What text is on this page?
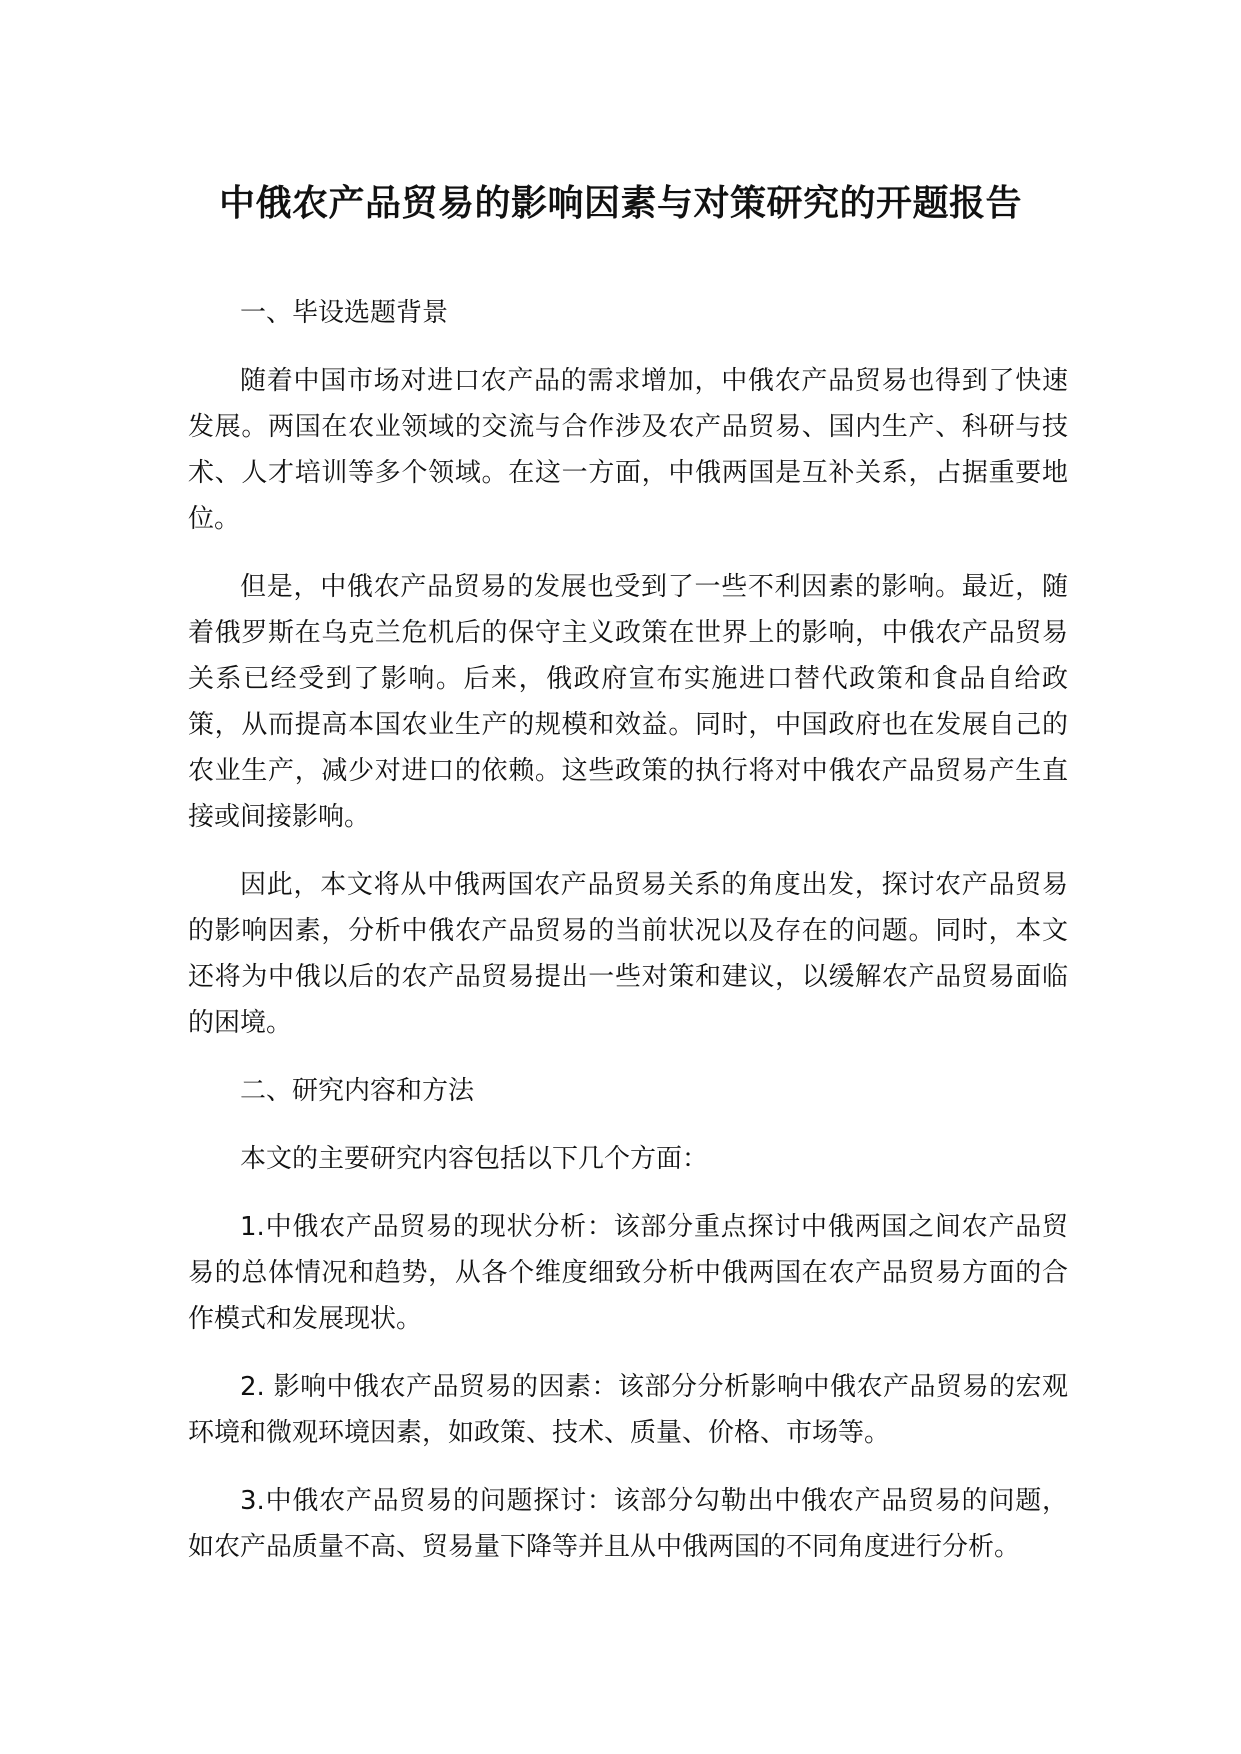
中俄农产品贸易的影响因素与对策研究的开题报告

一、毕设选题背景

随着中国市场对进口农产品的需求增加，中俄农产品贸易也得到了快速发展。两国在农业领域的交流与合作涉及农产品贸易、国内生产、科研与技术、人才培训等多个领域。在这一方面，中俄两国是互补关系，占据重要地位。

但是，中俄农产品贸易的发展也受到了一些不利因素的影响。最近，随着俄罗斯在乌克兰危机后的保守主义政策在世界上的影响，中俄农产品贸易关系已经受到了影响。后来，俄政府宣布实施进口替代政策和食品自给政策，从而提高本国农业生产的规模和效益。同时，中国政府也在发展自己的农业生产，减少对进口的依赖。这些政策的执行将对中俄农产品贸易产生直接或间接影响。

因此，本文将从中俄两国农产品贸易关系的角度出发，探讨农产品贸易的影响因素，分析中俄农产品贸易的当前状况以及存在的问题。同时，本文还将为中俄以后的农产品贸易提出一些对策和建议，以缓解农产品贸易面临的困境。

二、研究内容和方法

本文的主要研究内容包括以下几个方面：

1.中俄农产品贸易的现状分析：该部分重点探讨中俄两国之间农产品贸易的总体情况和趋势，从各个维度细致分析中俄两国在农产品贸易方面的合作模式和发展现状。

2. 影响中俄农产品贸易的因素：该部分分析影响中俄农产品贸易的宏观环境和微观环境因素，如政策、技术、质量、价格、市场等。

3.中俄农产品贸易的问题探讨：该部分勾勒出中俄农产品贸易的问题，如农产品质量不高、贸易量下降等并且从中俄两国的不同角度进行分析。
